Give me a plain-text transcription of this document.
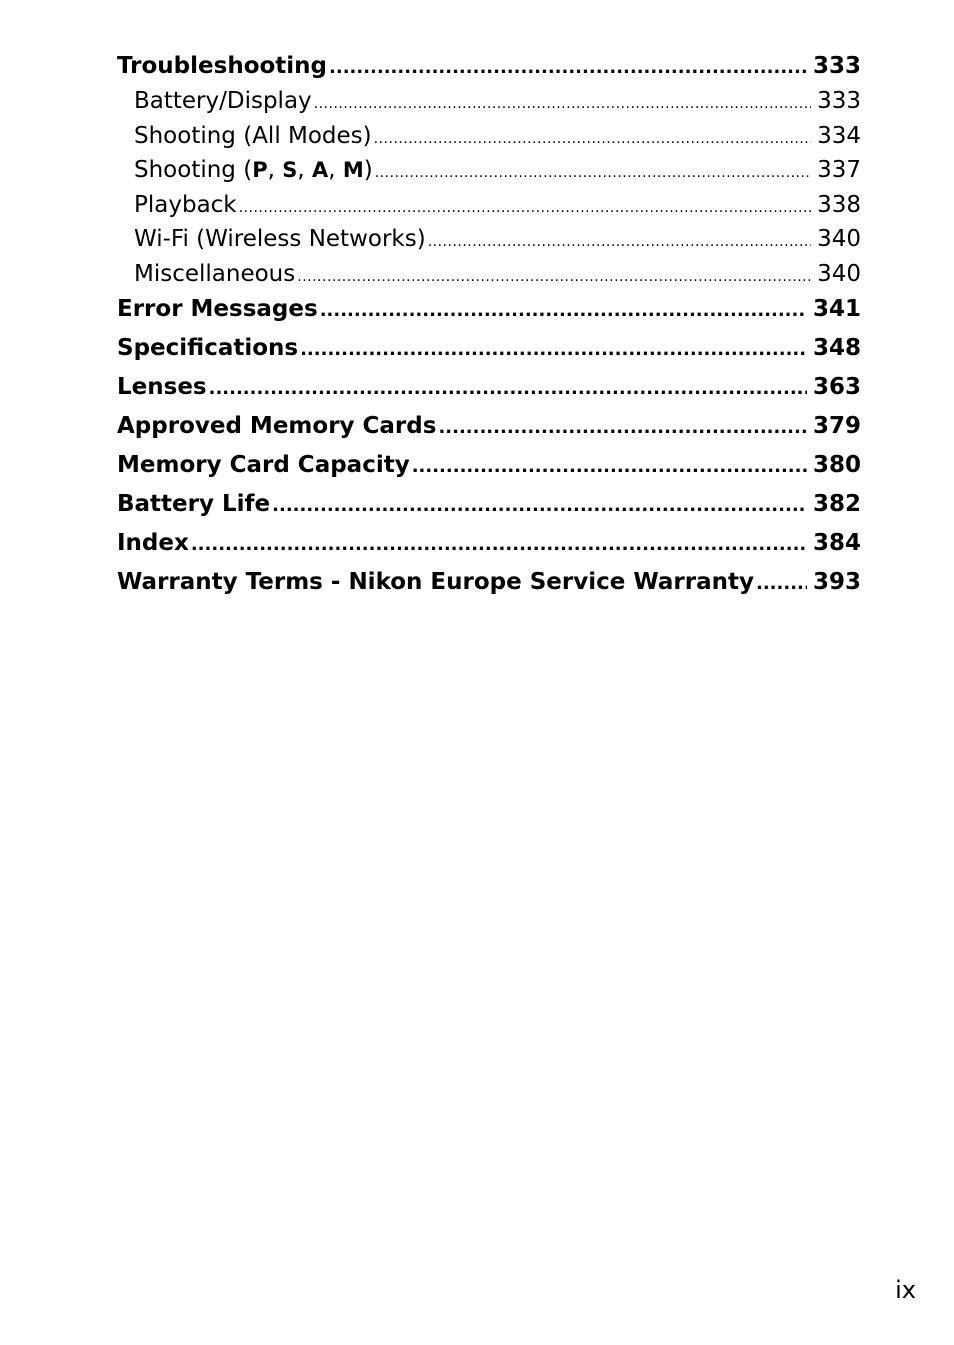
Troubleshooting .....	333
Battery/Display .....	333
Shooting (All Modes) .....	334
Shooting (P, S, A, M) .....	337
Playback .....	338
Wi-Fi (Wireless Networks) .....	340
Miscellaneous .....	340
Error Messages .....	341
Specifications .....	348
Lenses .....	363
Approved Memory Cards .....	379
Memory Card Capacity .....	380
Battery Life .....	382
Index .....	384
Warranty Terms - Nikon Europe Service Warranty .....	393
ix
